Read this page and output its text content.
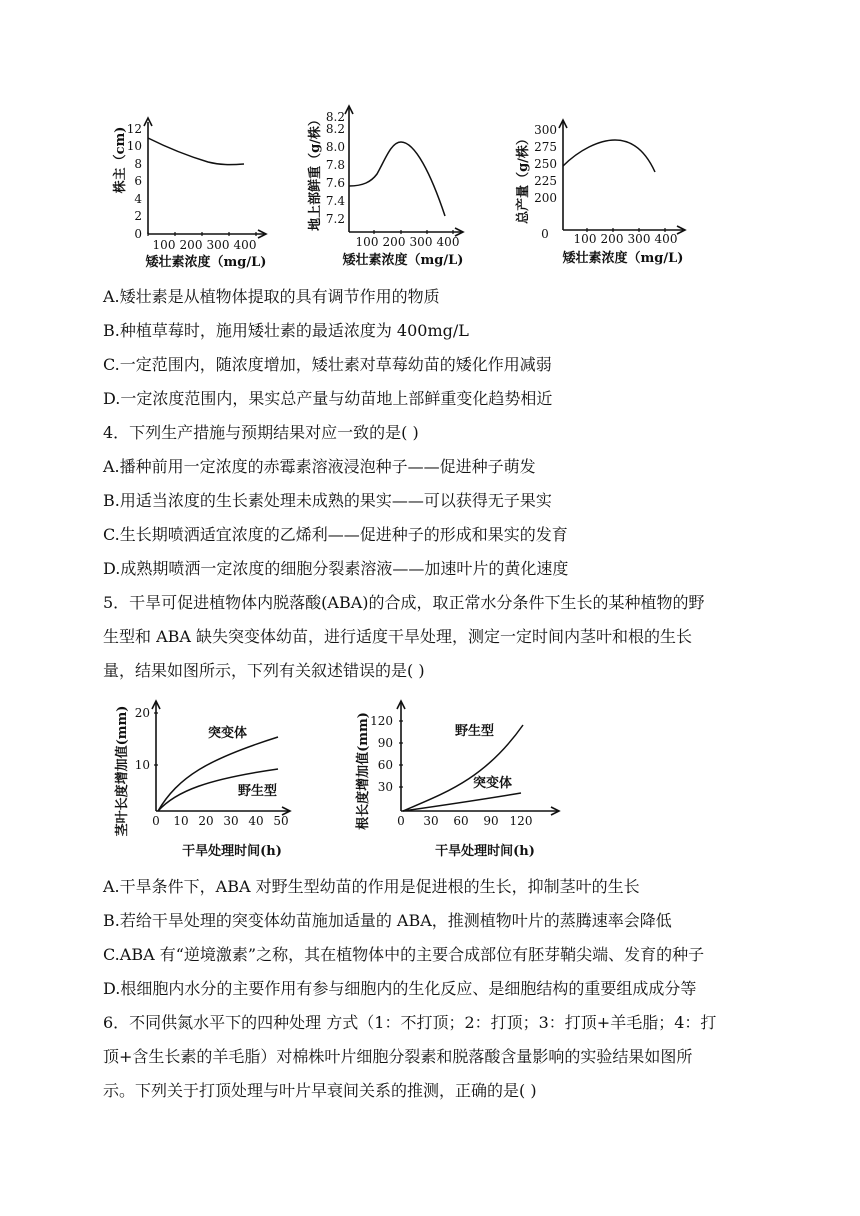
0
2
4
6
8
10
12
100 200 300 400
矮壮素浓度（mg/L)
株主（cm)
7.2
7.4
7.6
7.8
8.0
8.2
8.2
100 200 300 400
矮壮素浓度（mg/L)
地上部鲜重（g/株）
0
200
225
250
275
300
100 200 300 400
矮壮素浓度（mg/L)
总产量（g/株）
突变体
野生型
20
10
0 10 20 30 40 50
干旱处理时间(h)
茎叶长度增加值(mm)	野生型
突变体
30
60
90
120
0 30 60 90 120
干旱处理时间(h)
根长度增加值(mm)
A.矮壮素是从植物体提取的具有调节作用的物质
B.种植草莓时，施用矮壮素的最适浓度为 400mg/L
C.一定范围内，随浓度增加，矮壮素对草莓幼苗的矮化作用减弱
D.一定浓度范围内，果实总产量与幼苗地上部鲜重变化趋势相近
4．下列生产措施与预期结果对应一致的是( )
A.播种前用一定浓度的赤霉素溶液浸泡种子——促进种子萌发
B.用适当浓度的生长素处理未成熟的果实——可以获得无子果实
C.生长期喷洒适宜浓度的乙烯利——促进种子的形成和果实的发育
D.成熟期喷洒一定浓度的细胞分裂素溶液——加速叶片的黄化速度
5．干旱可促进植物体内脱落酸(ABA)的合成，取正常水分条件下生长的某种植物的野
生型和 ABA 缺失突变体幼苗，进行适度干旱处理，测定一定时间内茎叶和根的生长
量，结果如图所示，下列有关叙述错误的是( )
A.干旱条件下，ABA 对野生型幼苗的作用是促进根的生长，抑制茎叶的生长
B.若给干旱处理的突变体幼苗施加适量的 ABA，推测植物叶片的蒸腾速率会降低
C.ABA 有“逆境激素”之称，其在植物体中的主要合成部位有胚芽鞘尖端、发育的种子
D.根细胞内水分的主要作用有参与细胞内的生化反应、是细胞结构的重要组成成分等
6．不同供氮水平下的四种处理 方式（1：不打顶；2：打顶；3：打顶+羊毛脂；4：打
顶+含生长素的羊毛脂）对棉株叶片细胞分裂素和脱落酸含量影响的实验结果如图所
示。下列关于打顶处理与叶片早衰间关系的推测，正确的是( )
